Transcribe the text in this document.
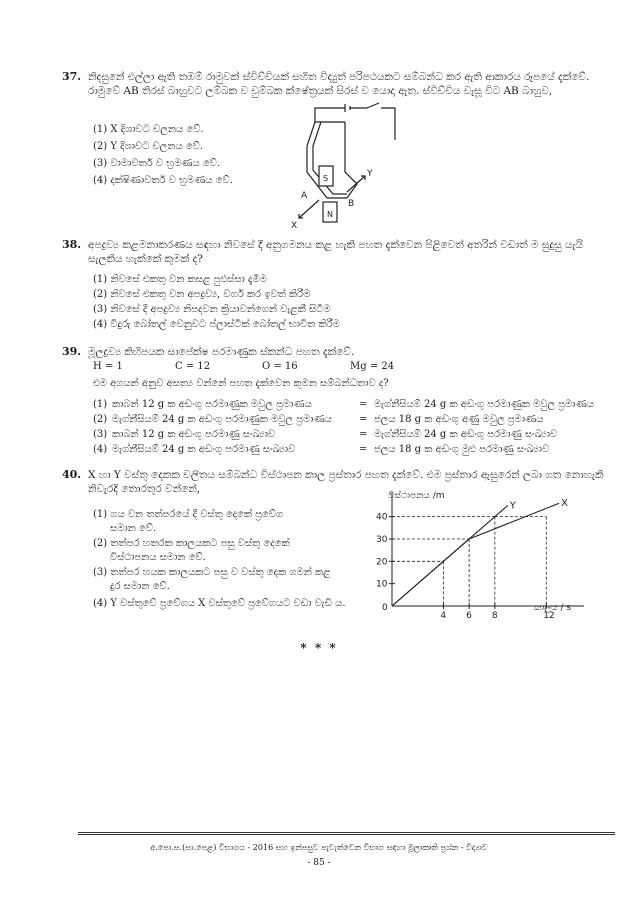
37. නිදසුනේ එල්ලා ඇති තඹම් රාමුවක් ස්විච්චියක් සහිත විද්‍යුත් පරිපථයකට සම්බන්ධ කර ඇති ආකාරය රූපයේ දැක්වේ. රාමුවේ AB තිරස් බාහුවට ලම්බක ව චුම්බක ක්ෂේත්‍රයක් සිරස් ව යොදා ඇත. ස්විච්චිය වැසූ විට AB බාහුව,
(1) X දිශාවට චලනය වේ.
(2) Y දිශාවට චලනය වේ.
(3) වාමාවර්ත ව භ්‍රමණය වේ.
(4) දක්ෂිණාවර්ත ව භ්‍රමණය වේ.	S
N
A
B
Y
X
38. අපද්‍රව්‍ය කළමනාකරණය සඳහා නිවසේ දී අනුගමනය කළ හැකි පහත දැක්වෙන පිළිවෙත් අතරින් වඩාත් ම සුදුසු යැයි සැලකිය හැක්කේ කුමක් ද?
(1) නිවසේ එකතු වන කසළ පුළුස්සා දැමීම
(2) නිවසේ එකතු වන අපද්‍රව්‍ය, වර්ග කර ඉවත් කිරීම
(3) නිවසේ දී අපද්‍රව්‍ය නිපදවන ක්‍රියාවන්ගෙන් වැළකී සිටීම
(4) වීදුරු බෝතල් වෙනුවට ප්ලාස්ටික් බෝතල් භාවිත කිරීම
39. මූලද්‍රව්‍ය කිහිපයක සාපේක්ෂ පරමාණුක ස්කන්ධ පහත දැක්වේ.
H = 1	C = 12	O = 16	Mg = 24
එම අගයන් අනුව අසත්‍ය වන්නේ පහත දැක්වෙන කුමන සම්බන්ධතාව ද?
(1) කාබන් 12 g ක අඩංගු පරමාණුක මවුල ප්‍රමාණය	= මැග්නීසියම් 24 g ක අඩංගු පරමාණුක මවුල ප්‍රමාණය
(2) මැග්නීසියම් 24 g ක අඩංගු පරමාණුක මවුල ප්‍රමාණය	= ජලය 18 g ක අඩංගු අණු මවුල ප්‍රමාණය
(3) කාබන් 12 g ක අඩංගු පරමාණු සංඛ්‍යාව	= මැග්නීසියම් 24 g ක අඩංගු පරමාණු සංඛ්‍යාව
(4) මැග්නීසියම් 24 g ක අඩංගු පරමාණු සංඛ්‍යාව	= ජලය 18 g ක අඩංගු මුළු පරමාණු සංඛ්‍යාව
40. X හා Y වස්තු දෙකක චලිතය සම්බන්ධ විස්ථාපන කාල ප්‍රස්තාර පහත දැක්වේ. එම ප්‍රස්තාර ඇසුරෙන් ලබා ගත නොහැකි නිවැරදි තොරතුර වන්නේ,
(1) ගය වන තත්පරයේ දී වස්තු දෙකේ ප්‍රවේග
සමාන වේ.
(2) තත්පර හතරක කාලයකට පසු වස්තු දෙකේ
විස්ථාපනය සමාන වේ.
(3) තත්පර හයක කාලයකට පසු ව වස්තු දෙක ගමන් කළ
දුර සමාන වේ.
(4) Y වස්තුවේ ප්‍රවේගය X වස්තුවේ ප්‍රවේගයට වඩා වැඩි ය.
විස්ථාපනය /m
කාලය / s
0
10
20
30
40
4 6 8	12
X
Y
* * *
අ.පො.ස.(සා.පෙළ) විභාගය - 2016 සහ ඉන්පසුව පැවැත්වෙන විභාග සඳහා මූලාකෘති ප්‍රශ්න - විද්‍යාව
- 85 -
